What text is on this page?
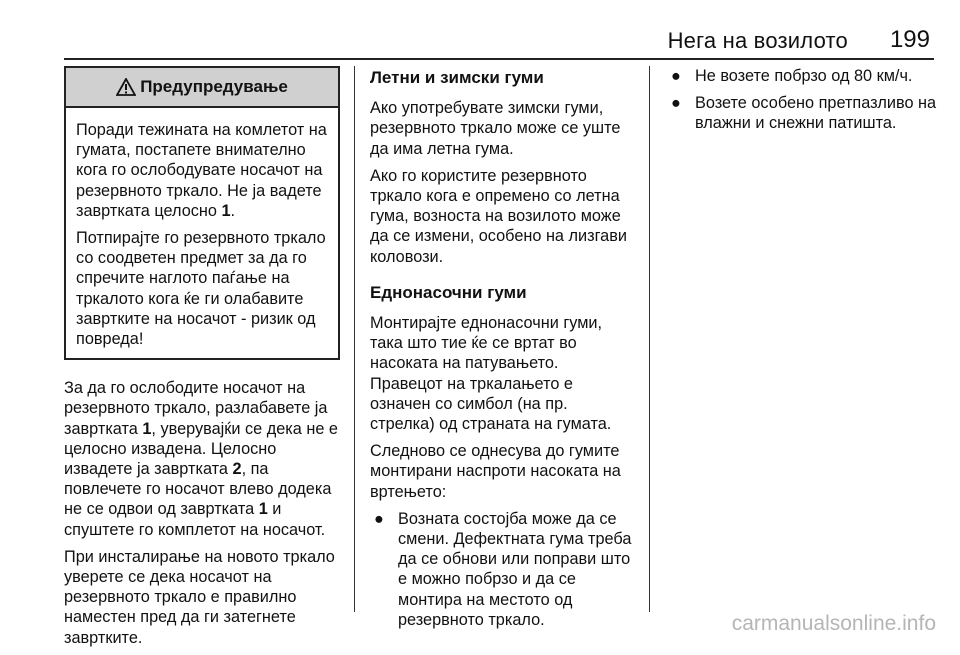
Нега на возилото 199
Предупредување

Поради тежината на комлетот на гумата, постапете внимателно кога го ослободувате носачот на резервното тркало. Не ја вадете завртката целосно 1.

Потпирајте го резервното тркало со соодветен предмет за да го спречите наглото паѓање на тркалото кога ќе ги олабавите завртките на носачот - ризик од повреда!

За да го ослободите носачот на резервното тркало, разлабавете ја завртката 1, уверувајќи се дека не е целосно извадена. Целосно извадете ја завртката 2, па повлечете го носачот влево додека не се одвои од завртката 1 и спуштете го комплетот на носачот.

При инсталирање на новото тркало уверете се дека носачот на резервното тркало е правилно наместен пред да ги затегнете завртките.

Летни и зимски гуми

Ако употребувате зимски гуми, резервното тркало може се уште да има летна гума.

Ако го користите резервното тркало кога е опремено со летна гума, возноста на возилото може да се измени, особено на лизгави коловози.

Еднонасочни гуми

Монтирајте еднонасочни гуми, така што тие ќе се вртат во насоката на патувањето. Правецот на тркалањето е означен со симбол (на пр. стрелка) од страната на гумата.

Следново се однесува до гумите монтирани наспроти насоката на вртењето:

● Возната состојба може да се смени. Дефектната гума треба да се обнови или поправи што е можно побрзо и да се монтира на местото од резервното тркало.
● Не возете побрзо од 80 км/ч.
● Возете особено претпазливо на влажни и снежни патишта.
carmanualsonline.info
